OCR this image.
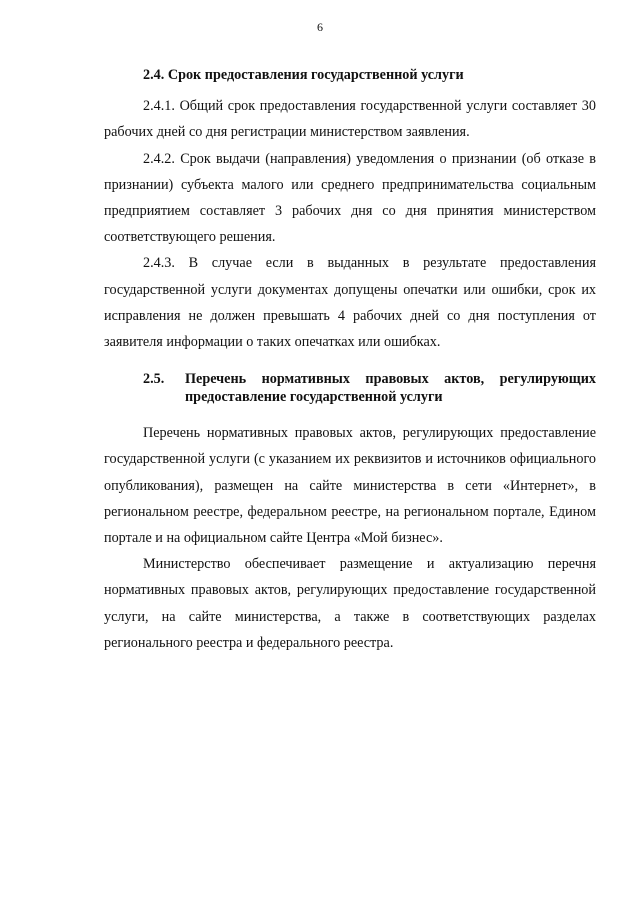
6

2.4. Срок предоставления государственной услуги

2.4.1. Общий срок предоставления государственной услуги составляет 30 рабочих дней со дня регистрации министерством заявления.

2.4.2. Срок выдачи (направления) уведомления о признании (об отказе в признании) субъекта малого или среднего предпринимательства социальным предприятием составляет 3 рабочих дня со дня принятия министерством соответствующего решения.

2.4.3. В случае если в выданных в результате предоставления государственной услуги документах допущены опечатки или ошибки, срок их исправления не должен превышать 4 рабочих дней со дня поступления от заявителя информации о таких опечатках или ошибках.

2.5.	Перечень нормативных правовых актов, регулирующих предоставление государственной услуги

Перечень нормативных правовых актов, регулирующих предоставление государственной услуги (с указанием их реквизитов и источников официального опубликования), размещен на сайте министерства в сети «Интернет», в региональном реестре, федеральном реестре, на региональном портале, Едином портале и на официальном сайте Центра «Мой бизнес».

Министерство обеспечивает размещение и актуализацию перечня нормативных правовых актов, регулирующих предоставление государственной услуги, на сайте министерства, а также в соответствующих разделах регионального реестра и федерального реестра.
